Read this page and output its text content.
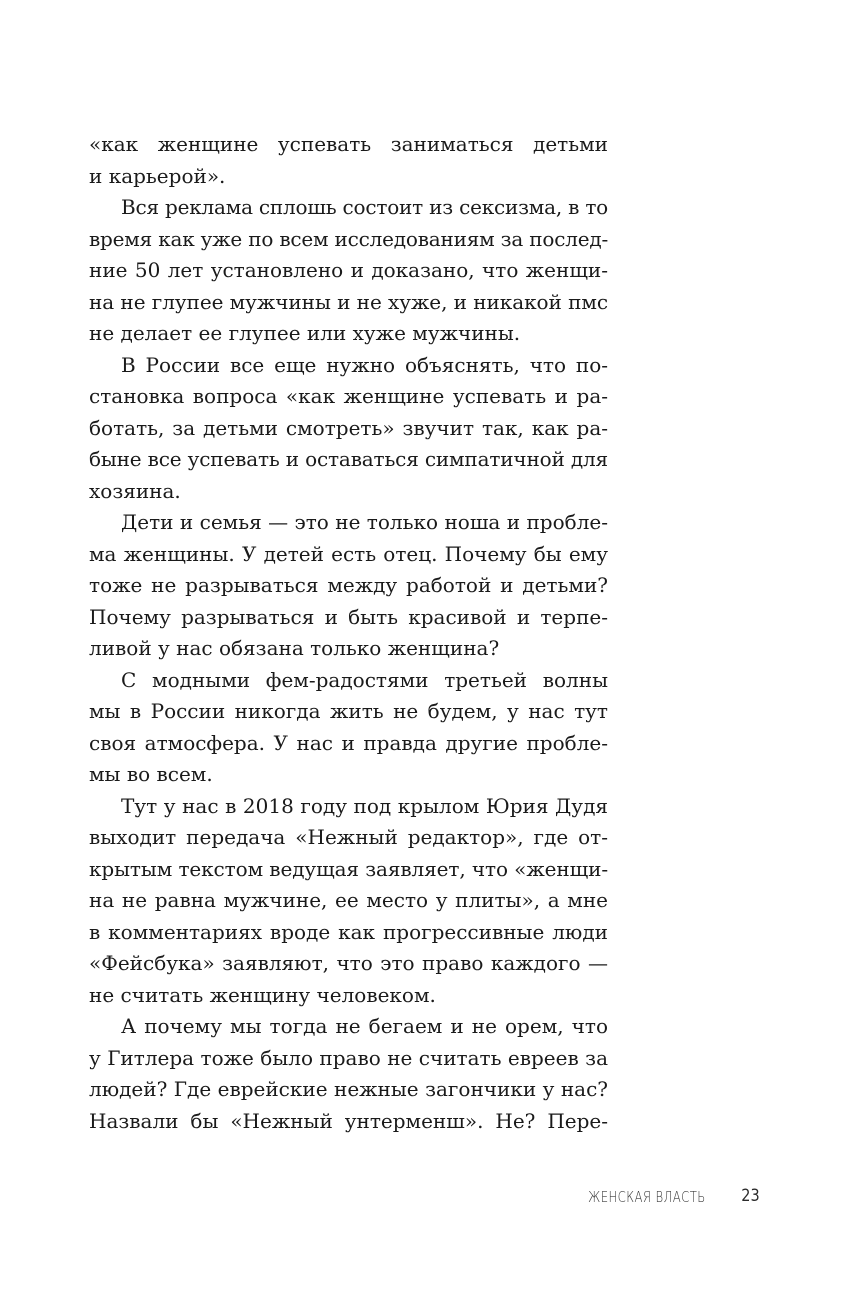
«как женщине успевать заниматься детьми
и карьерой».
Вся реклама сплошь состоит из сексизма, в то
время как уже по всем исследованиям за послед-
ние 50 лет установлено и доказано, что женщи-
на не глупее мужчины и не хуже, и никакой пмс
не делает ее глупее или хуже мужчины.
В России все еще нужно объяснять, что по-
становка вопроса «как женщине успевать и ра-
ботать, за детьми смотреть» звучит так, как ра-
быне все успевать и оставаться симпатичной для
хозяина.
Дети и семья — это не только ноша и пробле-
ма женщины. У детей есть отец. Почему бы ему
тоже не разрываться между работой и детьми?
Почему разрываться и быть красивой и терпе-
ливой у нас обязана только женщина?
С модными фем-радостями третьей волны
мы в России никогда жить не будем, у нас тут
своя атмосфера. У нас и правда другие пробле-
мы во всем.
Тут у нас в 2018 году под крылом Юрия Дудя
выходит передача «Нежный редактор», где от-
крытым текстом ведущая заявляет, что «женщи-
на не равна мужчине, ее место у плиты», а мне
в комментариях вроде как прогрессивные люди
«Фейсбука» заявляют, что это право каждого —
не считать женщину человеком.
А почему мы тогда не бегаем и не орем, что
у Гитлера тоже было право не считать евреев за
людей? Где еврейские нежные загончики у нас?
Назвали бы «Нежный унтерменш». Не? Пере-
ЖЕНСКАЯ ВЛАСТЬ 23
